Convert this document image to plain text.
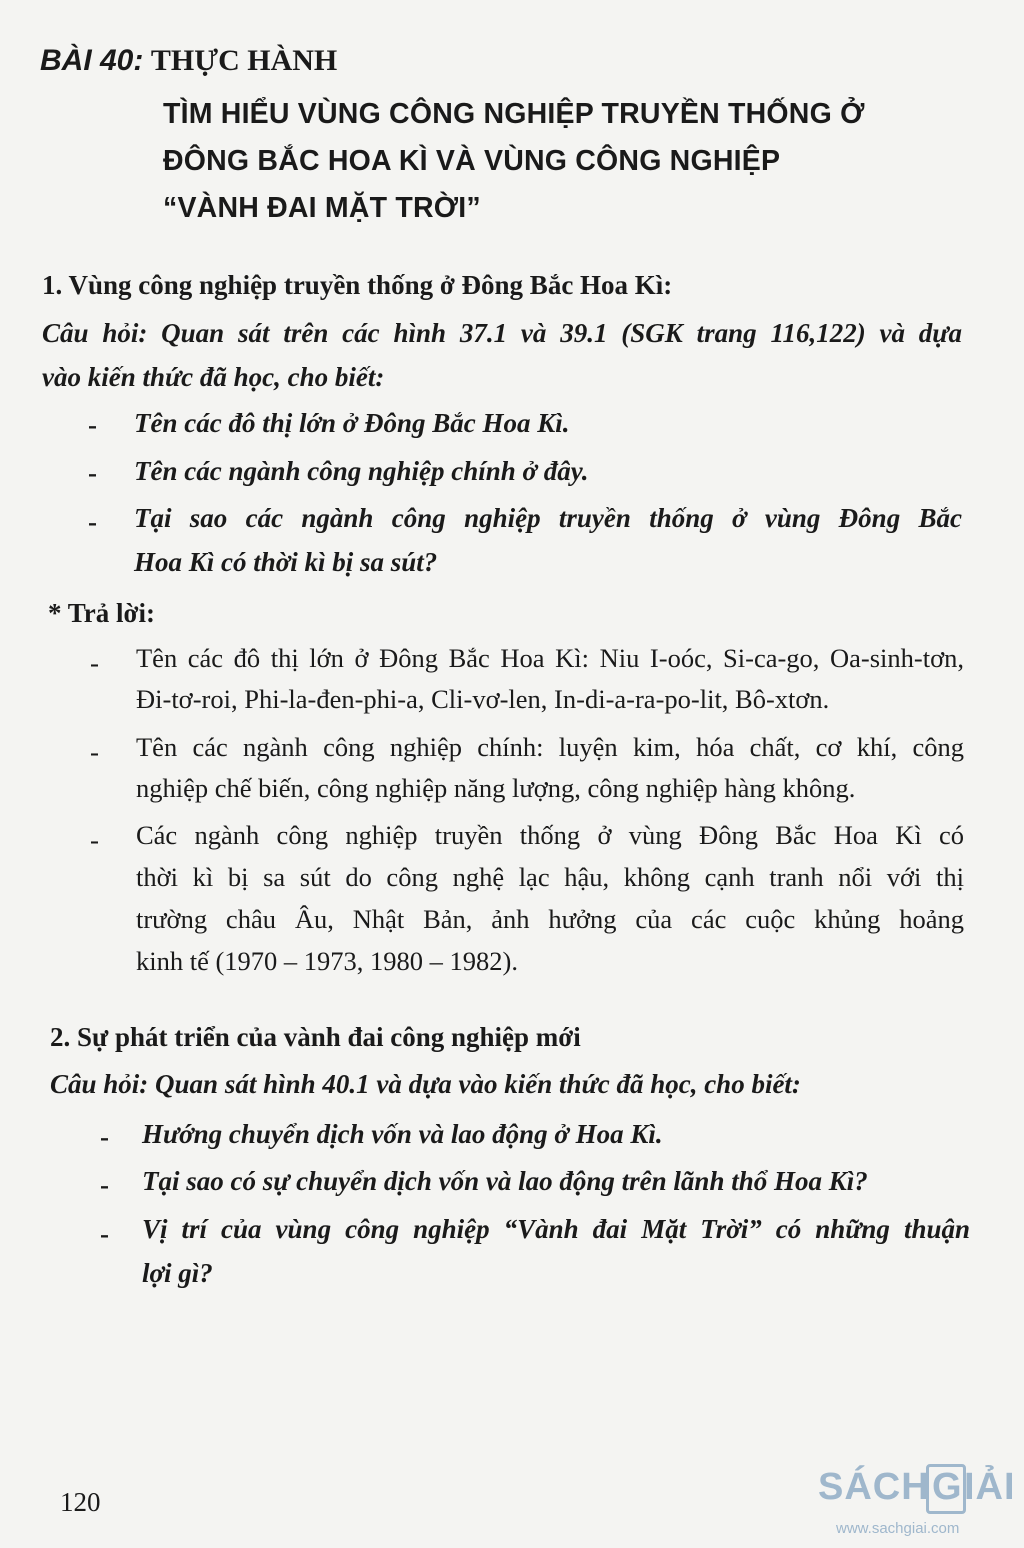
BÀI 40: THỰC HÀNH
TÌM HIỂU VÙNG CÔNG NGHIỆP TRUYỀN THỐNG Ở
ĐÔNG BẮC HOA KÌ VÀ VÙNG CÔNG NGHIỆP
“VÀNH ĐAI MẶT TRỜI”
1. Vùng công nghiệp truyền thống ở Đông Bắc Hoa Kì:
Câu hỏi: Quan sát trên các hình 37.1 và 39.1 (SGK trang 116,122) và dựa
vào kiến thức đã học, cho biết:
- Tên các đô thị lớn ở Đông Bắc Hoa Kì.
- Tên các ngành công nghiệp chính ở đây.
- Tại sao các ngành công nghiệp truyền thống ở vùng Đông Bắc
Hoa Kì có thời kì bị sa sút?
* Trả lời:
- Tên các đô thị lớn ở Đông Bắc Hoa Kì: Niu I-oóc, Si-ca-go, Oa-sinh-tơn,
Đi-tơ-roi, Phi-la-đen-phi-a, Cli-vơ-len, In-di-a-ra-po-lit, Bô-xtơn.
- Tên các ngành công nghiệp chính: luyện kim, hóa chất, cơ khí, công
nghiệp chế biến, công nghiệp năng lượng, công nghiệp hàng không.
- Các ngành công nghiệp truyền thống ở vùng Đông Bắc Hoa Kì có
thời kì bị sa sút do công nghệ lạc hậu, không cạnh tranh nổi với thị
trường châu Âu, Nhật Bản, ảnh hưởng của các cuộc khủng hoảng
kinh tế (1970 – 1973, 1980 – 1982).
2. Sự phát triển của vành đai công nghiệp mới
Câu hỏi: Quan sát hình 40.1 và dựa vào kiến thức đã học, cho biết:
- Hướng chuyển dịch vốn và lao động ở Hoa Kì.
- Tại sao có sự chuyển dịch vốn và lao động trên lãnh thổ Hoa Kì?
- Vị trí của vùng công nghiệp “Vành đai Mặt Trời” có những thuận
lợi gì?
120	SÁCH G IẢI
www.sachgiai.com
